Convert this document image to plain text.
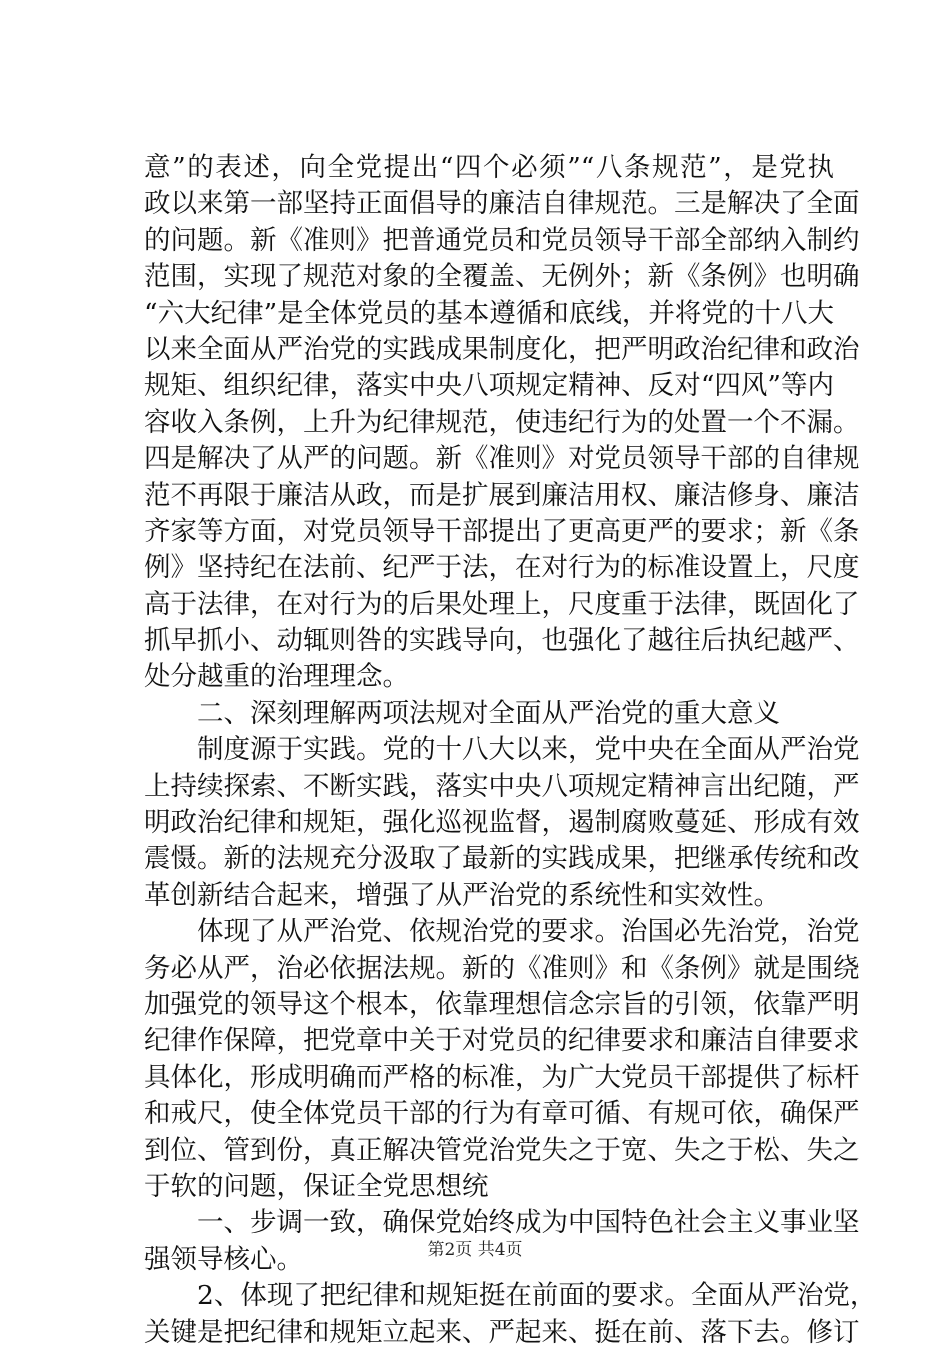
意”的表述，向全党提出“四个必须”“八条规范”，是党执
政以来第一部坚持正面倡导的廉洁自律规范。三是解决了全面
的问题。新《准则》把普通党员和党员领导干部全部纳入制约
范围，实现了规范对象的全覆盖、无例外；新《条例》也明确
“六大纪律”是全体党员的基本遵循和底线，并将党的十八大
以来全面从严治党的实践成果制度化，把严明政治纪律和政治
规矩、组织纪律，落实中央八项规定精神、反对“四风”等内
容收入条例，上升为纪律规范，使违纪行为的处置一个不漏。
四是解决了从严的问题。新《准则》对党员领导干部的自律规
范不再限于廉洁从政，而是扩展到廉洁用权、廉洁修身、廉洁
齐家等方面，对党员领导干部提出了更高更严的要求；新《条
例》坚持纪在法前、纪严于法，在对行为的标准设置上，尺度
高于法律，在对行为的后果处理上，尺度重于法律，既固化了
抓早抓小、动辄则咎的实践导向，也强化了越往后执纪越严、
处分越重的治理理念。
　　二、深刻理解两项法规对全面从严治党的重大意义
　　制度源于实践。党的十八大以来，党中央在全面从严治党
上持续探索、不断实践，落实中央八项规定精神言出纪随，严
明政治纪律和规矩，强化巡视监督，遏制腐败蔓延、形成有效
震慑。新的法规充分汲取了最新的实践成果，把继承传统和改
革创新结合起来，增强了从严治党的系统性和实效性。
　　体现了从严治党、依规治党的要求。治国必先治党，治党
务必从严，治必依据法规。新的《准则》和《条例》就是围绕
加强党的领导这个根本，依靠理想信念宗旨的引领，依靠严明
纪律作保障，把党章中关于对党员的纪律要求和廉洁自律要求
具体化，形成明确而严格的标准，为广大党员干部提供了标杆
和戒尺，使全体党员干部的行为有章可循、有规可依，确保严
到位、管到份，真正解决管党治党失之于宽、失之于松、失之
于软的问题，保证全党思想统
　　一、步调一致，确保党始终成为中国特色社会主义事业坚
强领导核心。
　　2、体现了把纪律和规矩挺在前面的要求。全面从严治党，
关键是把纪律和规矩立起来、严起来、挺在前、落下去。修订
第2页 共4页
